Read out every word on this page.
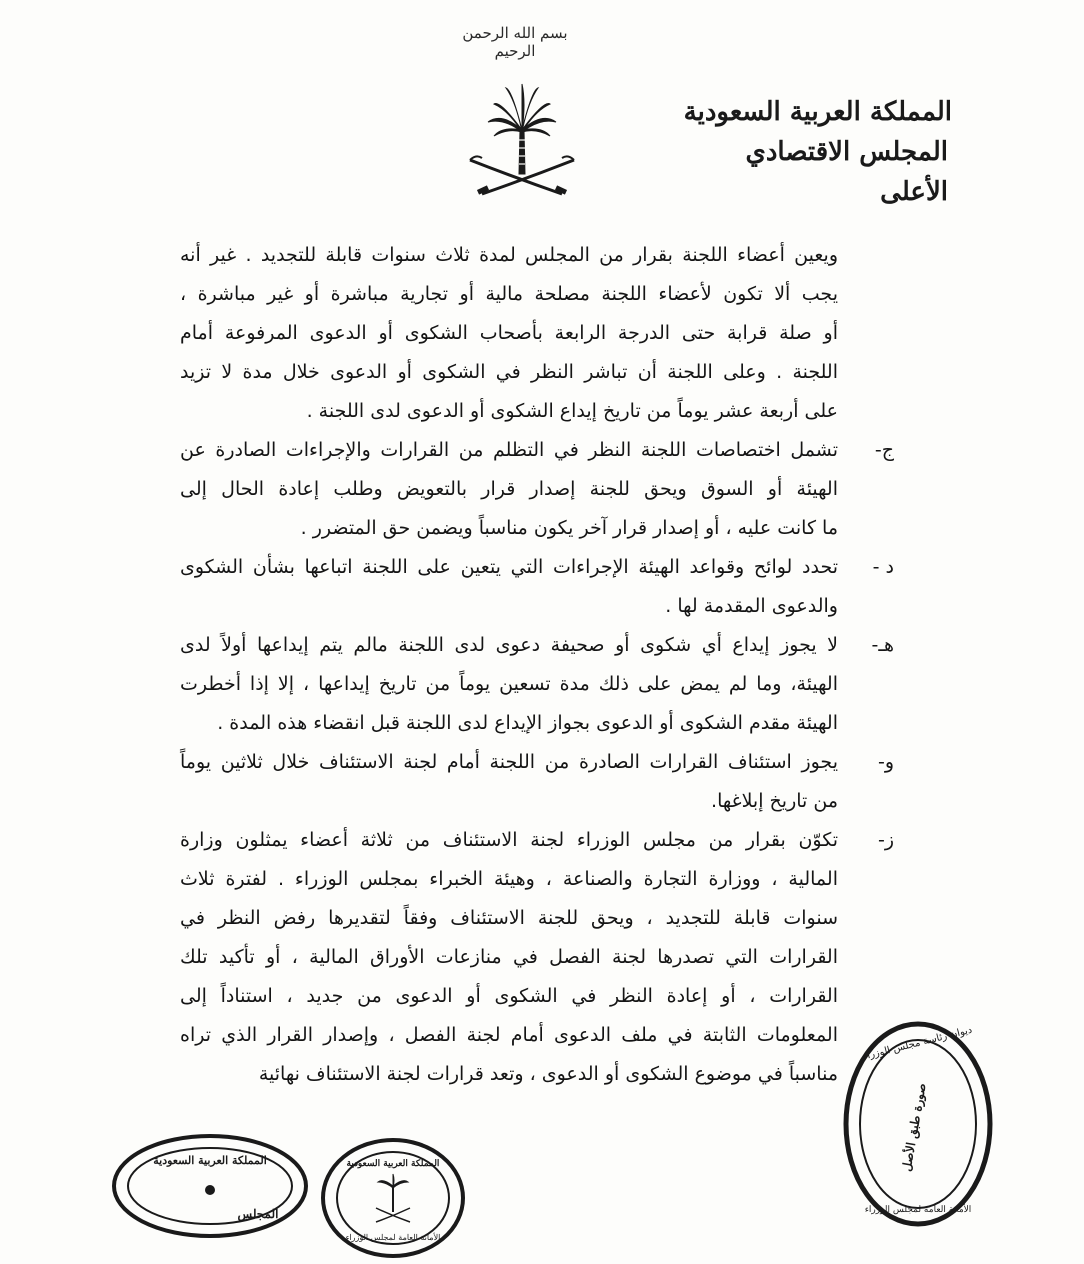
بسم الله الرحمن الرحيم
المملكة العربية السعودية
المجلس الاقتصادي الأعلى
ويعين أعضاء اللجنة بقرار من المجلس لمدة ثلاث سنوات قابلة للتجديد . غير أنه
يجب ألا تكون لأعضاء اللجنة مصلحة مالية أو تجارية مباشرة أو غير مباشرة ،
أو صلة قرابة حتى الدرجة الرابعة بأصحاب الشكوى أو الدعوى المرفوعة أمام
اللجنة . وعلى اللجنة أن تباشر النظر في الشكوى أو الدعوى خلال مدة لا تزيد
على أربعة عشر يوماً من تاريخ إيداع الشكوى أو الدعوى لدى اللجنة .
ج-
تشمل اختصاصات اللجنة النظر في التظلم من القرارات والإجراءات الصادرة عن
الهيئة أو السوق ويحق للجنة إصدار قرار بالتعويض وطلب إعادة الحال إلى
ما كانت عليه ، أو إصدار قرار آخر يكون مناسباً ويضمن حق المتضرر .
د -
تحدد لوائح وقواعد الهيئة الإجراءات التي يتعين على اللجنة اتباعها بشأن الشكوى
والدعوى المقدمة لها .
هـ-
لا يجوز إيداع أي شكوى أو صحيفة دعوى لدى اللجنة مالم يتم إيداعها أولاً لدى
الهيئة، وما لم يمض على ذلك مدة تسعين يوماً من تاريخ إيداعها ، إلا إذا أخطرت
الهيئة مقدم الشكوى أو الدعوى بجواز الإيداع لدى اللجنة قبل انقضاء هذه المدة .
و-
يجوز استئناف القرارات الصادرة من اللجنة أمام لجنة الاستئناف خلال ثلاثين يوماً
من تاريخ إبلاغها.
ز-
تكوّن بقرار من مجلس الوزراء لجنة الاستئناف من ثلاثة أعضاء يمثلون وزارة
المالية ، ووزارة التجارة والصناعة ، وهيئة الخبراء بمجلس الوزراء . لفترة ثلاث
سنوات قابلة للتجديد ، ويحق للجنة الاستئناف وفقاً لتقديرها رفض النظر في
القرارات التي تصدرها لجنة الفصل في منازعات الأوراق المالية ، أو تأكيد تلك
القرارات ، أو إعادة النظر في الشكوى أو الدعوى من جديد ، استناداً إلى
المعلومات الثابتة في ملف الدعوى أمام لجنة الفصل ، وإصدار القرار الذي تراه
مناسباً في موضوع الشكوى أو الدعوى ، وتعد قرارات لجنة الاستئناف نهائية
ديوان رئاسة مجلس الوزراء
صورة طبق الأصل
الأمانة العامة لمجلس الوزراء
المملكة العربية السعودية
المجلس
المملكة العربية السعودية
الأمانة العامة لمجلس الوزراء
